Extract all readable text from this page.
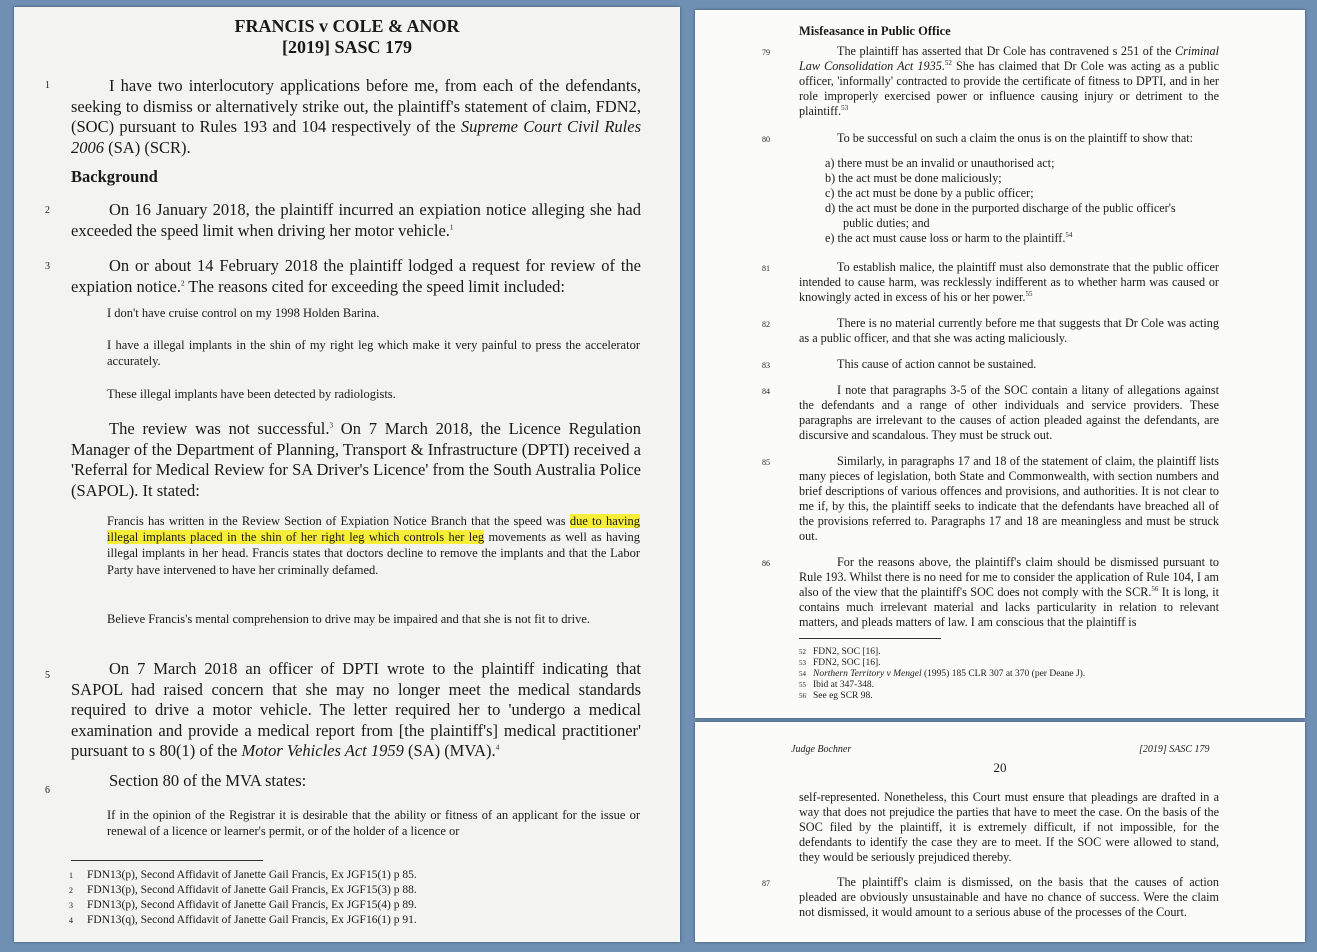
FRANCIS v COLE & ANOR
[2019] SASC 179
1	I have two interlocutory applications before me, from each of the defendants, seeking to dismiss or alternatively strike out, the plaintiff's statement of claim, FDN2, (SOC) pursuant to Rules 193 and 104 respectively of the Supreme Court Civil Rules 2006 (SA) (SCR).
Background
2	On 16 January 2018, the plaintiff incurred an expiation notice alleging she had exceeded the speed limit when driving her motor vehicle.$^1$
3	On or about 14 February 2018 the plaintiff lodged a request for review of the expiation notice.$^2$ The reasons cited for exceeding the speed limit included:
I don't have cruise control on my 1998 Holden Barina.
I have a illegal implants in the shin of my right leg which make it very painful to press the accelerator accurately.
These illegal implants have been detected by radiologists.
The review was not successful.$^3$ On 7 March 2018, the Licence Regulation Manager of the Department of Planning, Transport & Infrastructure (DPTI) received a 'Referral for Medical Review for SA Driver's Licence' from the South Australia Police (SAPOL). It stated:
Francis has written in the Review Section of Expiation Notice Branch that the speed was due to having illegal implants placed in the shin of her right leg which controls her leg movements as well as having illegal implants in her head. Francis states that doctors decline to remove the implants and that the Labor Party have intervened to have her criminally defamed.
Believe Francis's mental comprehension to drive may be impaired and that she is not fit to drive.
5	On 7 March 2018 an officer of DPTI wrote to the plaintiff indicating that SAPOL had raised concern that she may no longer meet the medical standards required to drive a motor vehicle. The letter required her to 'undergo a medical examination and provide a medical report from [the plaintiff's] medical practitioner' pursuant to s 80(1) of the Motor Vehicles Act 1959 (SA) (MVA).$^4$
6
Section 80 of the MVA states:
If in the opinion of the Registrar it is desirable that the ability or fitness of an applicant for the issue or renewal of a licence or learner's permit, or of the holder of a licence or
1 FDN13(p), Second Affidavit of Janette Gail Francis, Ex JGF15(1) p 85.
2 FDN13(p), Second Affidavit of Janette Gail Francis, Ex JGF15(3) p 88.
3 FDN13(p), Second Affidavit of Janette Gail Francis, Ex JGF15(4) p 89.
4 FDN13(q), Second Affidavit of Janette Gail Francis, Ex JGF16(1) p 91.
Misfeasance in Public Office
79	The plaintiff has asserted that Dr Cole has contravened s 251 of the Criminal Law Consolidation Act 1935.52 She has claimed that Dr Cole was acting as a public officer, 'informally' contracted to provide the certificate of fitness to DPTI, and in her role improperly exercised power or influence causing injury or detriment to the plaintiff.$^{53}$
80	To be successful on such a claim the onus is on the plaintiff to show that:
a) there must be an invalid or unauthorised act;
b) the act must be done maliciously;
c) the act must be done by a public officer;
d) the act must be done in the purported discharge of the public officer's public duties; and
e) the act must cause loss or harm to the plaintiff.$^{54}$
81	To establish malice, the plaintiff must also demonstrate that the public officer intended to cause harm, was recklessly indifferent as to whether harm was caused or knowingly acted in excess of his or her power.$^{55}$
82	There is no material currently before me that suggests that Dr Cole was acting as a public officer, and that she was acting maliciously.
83	This cause of action cannot be sustained.
84	I note that paragraphs 3-5 of the SOC contain a litany of allegations against the defendants and a range of other individuals and service providers. These paragraphs are irrelevant to the causes of action pleaded against the defendants, are discursive and scandalous. They must be struck out.
85	Similarly, in paragraphs 17 and 18 of the statement of claim, the plaintiff lists many pieces of legislation, both State and Commonwealth, with section numbers and brief descriptions of various offences and provisions, and authorities. It is not clear to me if, by this, the plaintiff seeks to indicate that the defendants have breached all of the provisions referred to. Paragraphs 17 and 18 are meaningless and must be struck out.
86	For the reasons above, the plaintiff's claim should be dismissed pursuant to Rule 193. Whilst there is no need for me to consider the application of Rule 104, I am also of the view that the plaintiff's SOC does not comply with the SCR.$^{56}$ It is long, it contains much irrelevant material and lacks particularity in relation to relevant matters, and pleads matters of law. I am conscious that the plaintiff is
52 FDN2, SOC [16].
53 FDN2, SOC [16].
54 Northern Territory v Mengel (1995) 185 CLR 307 at 370 (per Deane J).
55 Ibid at 347-348.
56 See eg SCR 98.
Judge Bochner	[2019] SASC 179
20
self-represented. Nonetheless, this Court must ensure that pleadings are drafted in a way that does not prejudice the parties that have to meet the case. On the basis of the SOC filed by the plaintiff, it is extremely difficult, if not impossible, for the defendants to identify the case they are to meet. If the SOC were allowed to stand, they would be seriously prejudiced thereby.
87	The plaintiff's claim is dismissed, on the basis that the causes of action pleaded are obviously unsustainable and have no chance of success. Were the claim not dismissed, it would amount to a serious abuse of the processes of the Court.
